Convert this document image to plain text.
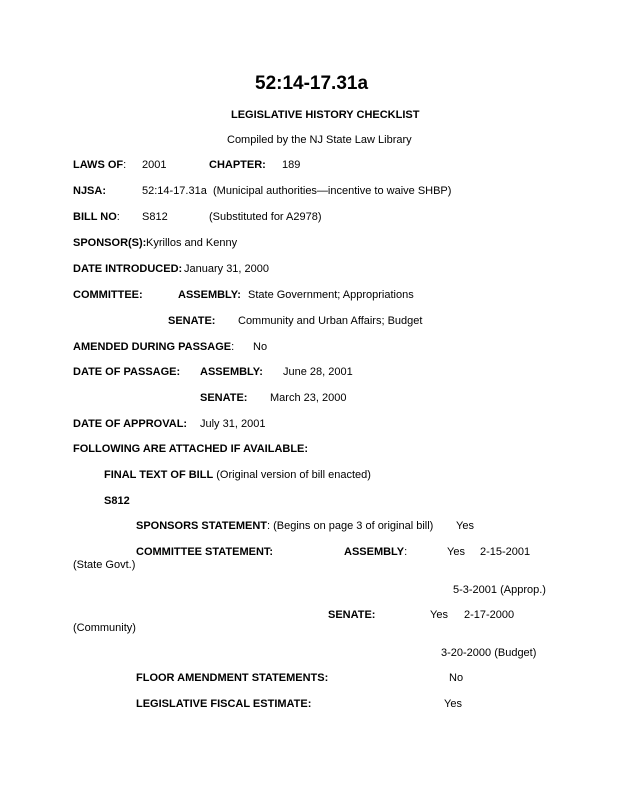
52:14-17.31a
LEGISLATIVE HISTORY CHECKLIST
Compiled by the NJ State Law Library
LAWS OF: 2001	CHAPTER: 189
NJSA:	52:14-17.31a (Municipal authorities—incentive to waive SHBP)
BILL NO: S812	(Substituted for A2978)
SPONSOR(S): Kyrillos and Kenny
DATE INTRODUCED: January 31, 2000
COMMITTEE:	ASSEMBLY: State Government; Appropriations
SENATE: Community and Urban Affairs; Budget
AMENDED DURING PASSAGE: No
DATE OF PASSAGE: ASSEMBLY: June 28, 2001
SENATE: March 23, 2000
DATE OF APPROVAL: July 31, 2001
FOLLOWING ARE ATTACHED IF AVAILABLE:
FINAL TEXT OF BILL (Original version of bill enacted)
S812
SPONSORS STATEMENT: (Begins on page 3 of original bill) Yes
COMMITTEE STATEMENT:	ASSEMBLY:	Yes 2-15-2001
(State Govt.)
5-3-2001 (Approp.)
SENATE:	Yes 2-17-2000
(Community)
3-20-2000 (Budget)
FLOOR AMENDMENT STATEMENTS:	No
LEGISLATIVE FISCAL ESTIMATE:	Yes
